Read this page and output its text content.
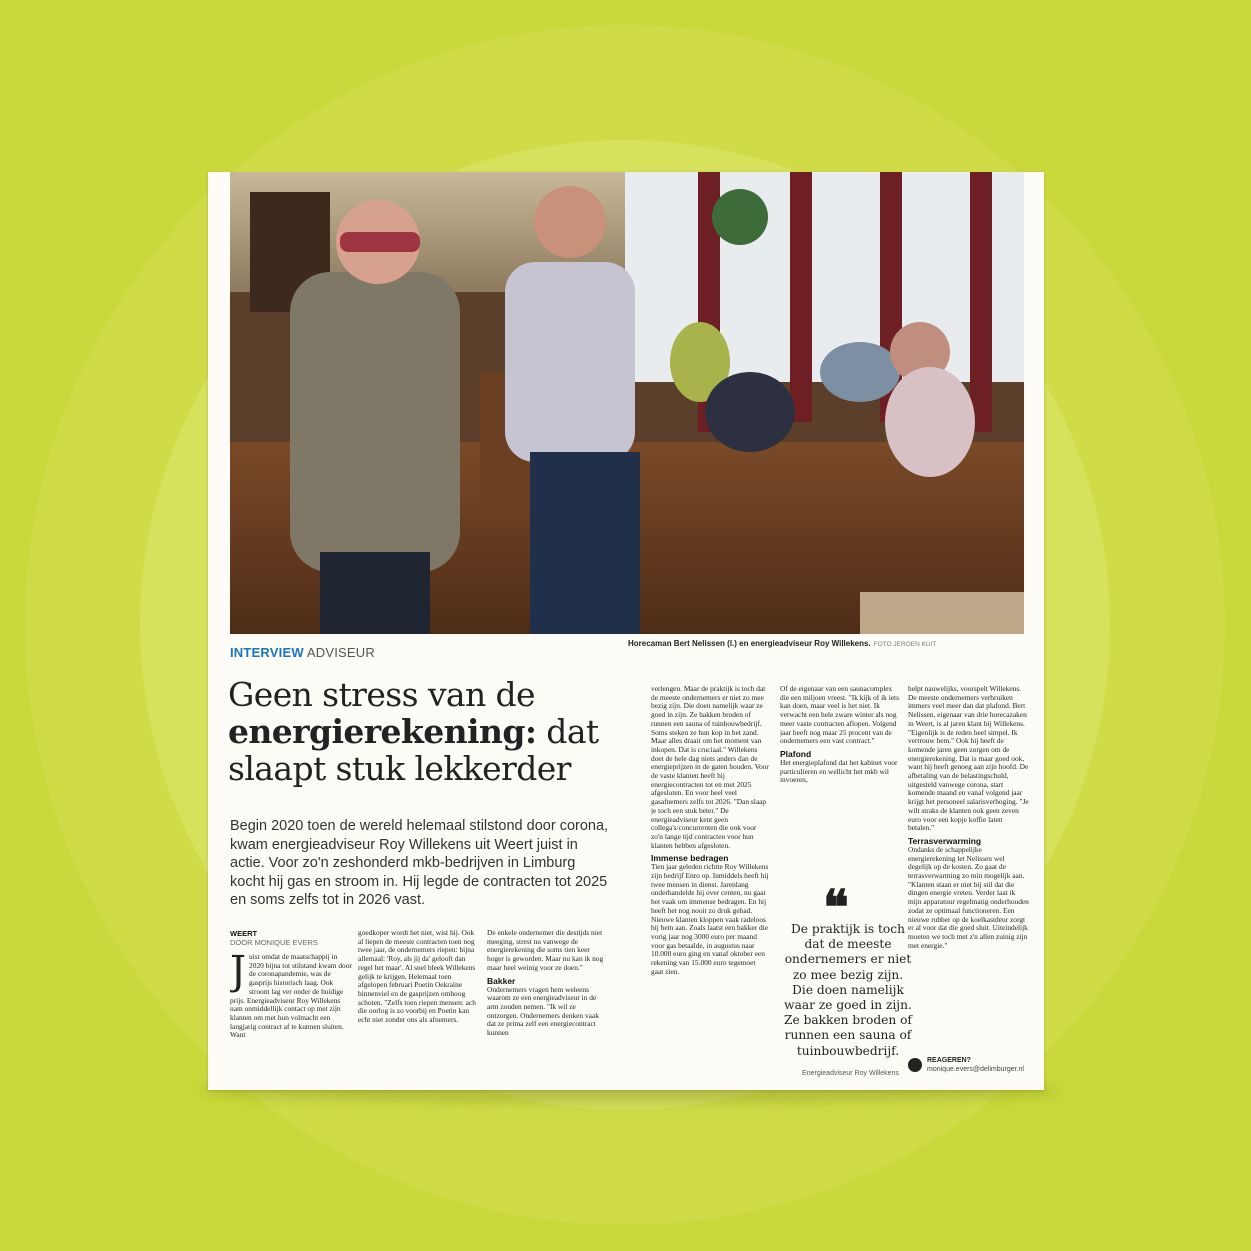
Horecaman Bert Nelissen (l.) en energieadviseur Roy Willekens. FOTO JEROEN KUIT
INTERVIEW ADVISEUR
Geen stress van de
energierekening: dat slaapt stuk lekkerder
Begin 2020 toen de wereld helemaal stilstond door corona, kwam energieadviseur Roy Willekens uit Weert juist in actie. Voor zo'n zeshonderd mkb-bedrijven in Limburg kocht hij gas en stroom in. Hij legde de contracten tot 2025 en soms zelfs tot in 2026 vast.
WEERT
DOOR MONIQUE EVERS

Juist omdat de maatschappij in 2020 bijna tot stilstand kwam door de coronapandemie, was de gasprijs historisch laag. Ook stroom lag ver onder de huidige prijs. Energieadviseur Roy Willekens nam onmiddellijk contact op met zijn klanten om met hun volmacht een langjarig contract af te kunnen sluiten. Want

goedkoper wordt het niet, wist hij. Ook al liepen de meeste contracten toen nog twee jaar, de ondernemers riepen: bijna allemaal: 'Roy, als jij da' gelooft dan regel het maar'. Al snel bleek Willekens gelijk te krijgen. Helemaal toen afgelopen februari Poetin Oekraïne binnenviel en de gasprijzen omhoog schoten. "Zelfs toen riepen mensen: ach die oorlog is zo voorbij en Poetin kan echt niet zonder ons als afnemers.

De enkele ondernemer die destijds niet meeging, strest nu vanwege de energierekening die soms tien keer hoger is geworden. Maar nu kan ik nog maar heel weinig voor ze doen."

Bakker

Ondernemers vragen hem weleens waarom ze een energieadviseur in de arm zouden nemen. "Ik wil ze ontzorgen. Ondernemers denken vaak dat ze prima zelf een energiecontract kunnen

verlengen. Maar de praktijk is toch dat de meeste ondernemers er niet zo mee bezig zijn. Die doen namelijk waar ze goed in zijn. Ze bakken broden of runnen een sauna of tuinbouwbedrijf. Soms steken ze hun kop in het zand. Maar alles draait om het moment van inkopen. Dat is cruciaal." Willekens doet de hele dag niets anders dan de energieprijzen in de gaten houden. Voor de vaste klanten heeft hij energiecontracten tot en met 2025 afgesloten. En voor heel veel gasafnemers zelfs tot 2026. "Dan slaap je toch een stuk beter." De energieadviseur kent geen collega's/concurrenten die ook voor zo'n lange tijd contracten voor hun klanten hebben afgesloten.

Immense bedragen

Tien jaar geleden richtte Roy Willekens zijn bedrijf Enro op. Inmiddels heeft hij twee mensen in dienst. Jarenlang onderhandelde hij over centen, nu gaat het vaak om immense bedragen. En hij heeft het nog nooit zo druk gehad. Nieuwe klanten kloppen vaak radeloos bij hem aan. Zoals laatst een bakker die vorig jaar nog 3000 euro per maand voor gas betaalde, in augustus naar 10.000 euro ging en vanaf oktober een rekening van 15.000 euro tegemoet gaat zien.

Of de eigenaar van een saunacomplex die een miljoen vreest. "Ik kijk of ik iets kan doen, maar veel is het niet. Ik verwacht een hele zware winter als nog meer vaste contracten aflopen. Volgend jaar heeft nog maar 25 procent van de ondernemers een vast contract."

Plafond

Het energieplafond dat het kabinet voor particulieren en wellicht het mkb wil invoeren,

helpt nauwelijks, voorspelt Willekens. De meeste ondernemers verbruiken immers veel meer dan dat plafond. Bert Nelissen, eigenaar van drie horecazaken in Weert, is al jaren klant bij Willekens. "Eigenlijk is de reden heel simpel. Ik vertrouw hem." Ook hij heeft de komende jaren geen zorgen om de energierekening. Dat is maar goed ook, want hij heeft genoeg aan zijn hoofd. De afbetaling van de belastingschuld, uitgesteld vanwege corona, start komende maand en vanaf volgend jaar krijgt het personeel salarisverhoging. "Je wilt straks de klanten ook geen zeven euro voor een kopje koffie laten betalen."

Terrasverwarming

Ondanks de schappelijke energierekening let Nelissen wel degelijk op de kosten. Zo gaat de terrasverwarming zo min mogelijk aan. "Klanten staan er niet bij stil dat die dingen energie vreten. Verder laat ik mijn apparatuur regelmatig onderhouden zodat ze optimaal functioneren. Een nieuwe rubber op de koelkastdeur zorgt er al voor dat die goed sluit. Uiteindelijk moeten we toch met z'n allen zuinig zijn met energie."

❝
De praktijk is toch dat de meeste ondernemers er niet zo mee bezig zijn. Die doen namelijk waar ze goed in zijn. Ze bakken broden of runnen een sauna of tuinbouwbedrijf.
Energieadviseur Roy Willekens
REAGEREN?
monique.evers@delimburger.nl
